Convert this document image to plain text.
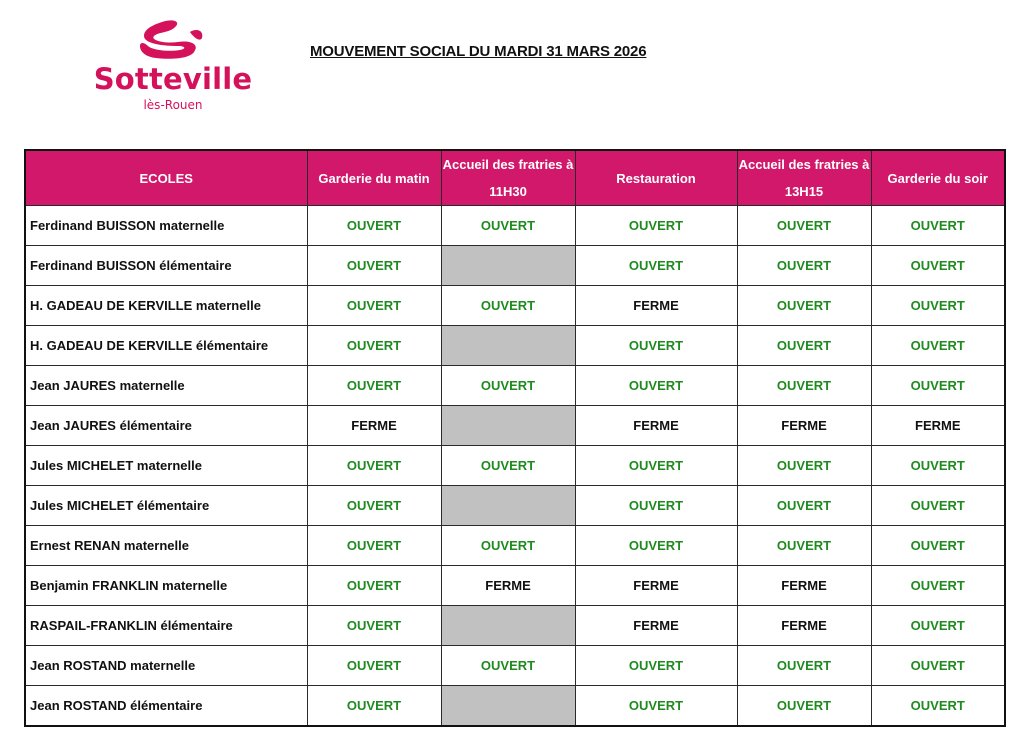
Sotteville
lès-Rouen
MOUVEMENT SOCIAL DU MARDI 31 MARS 2026
ECOLES	Garderie du matin	Accueil des fratries à 11H30	Restauration	Accueil des fratries à 13H15	Garderie du soir
Ferdinand BUISSON maternelle	OUVERT	OUVERT	OUVERT	OUVERT	OUVERT
Ferdinand BUISSON élémentaire	OUVERT		OUVERT	OUVERT	OUVERT
H. GADEAU DE KERVILLE maternelle	OUVERT	OUVERT	FERME	OUVERT	OUVERT
H. GADEAU DE KERVILLE élémentaire	OUVERT		OUVERT	OUVERT	OUVERT
Jean JAURES maternelle	OUVERT	OUVERT	OUVERT	OUVERT	OUVERT
Jean JAURES élémentaire	FERME		FERME	FERME	FERME
Jules MICHELET maternelle	OUVERT	OUVERT	OUVERT	OUVERT	OUVERT
Jules MICHELET élémentaire	OUVERT		OUVERT	OUVERT	OUVERT
Ernest RENAN maternelle	OUVERT	OUVERT	OUVERT	OUVERT	OUVERT
Benjamin FRANKLIN maternelle	OUVERT	FERME	FERME	FERME	OUVERT
RASPAIL-FRANKLIN élémentaire	OUVERT		FERME	FERME	OUVERT
Jean ROSTAND maternelle	OUVERT	OUVERT	OUVERT	OUVERT	OUVERT
Jean ROSTAND élémentaire	OUVERT		OUVERT	OUVERT	OUVERT
